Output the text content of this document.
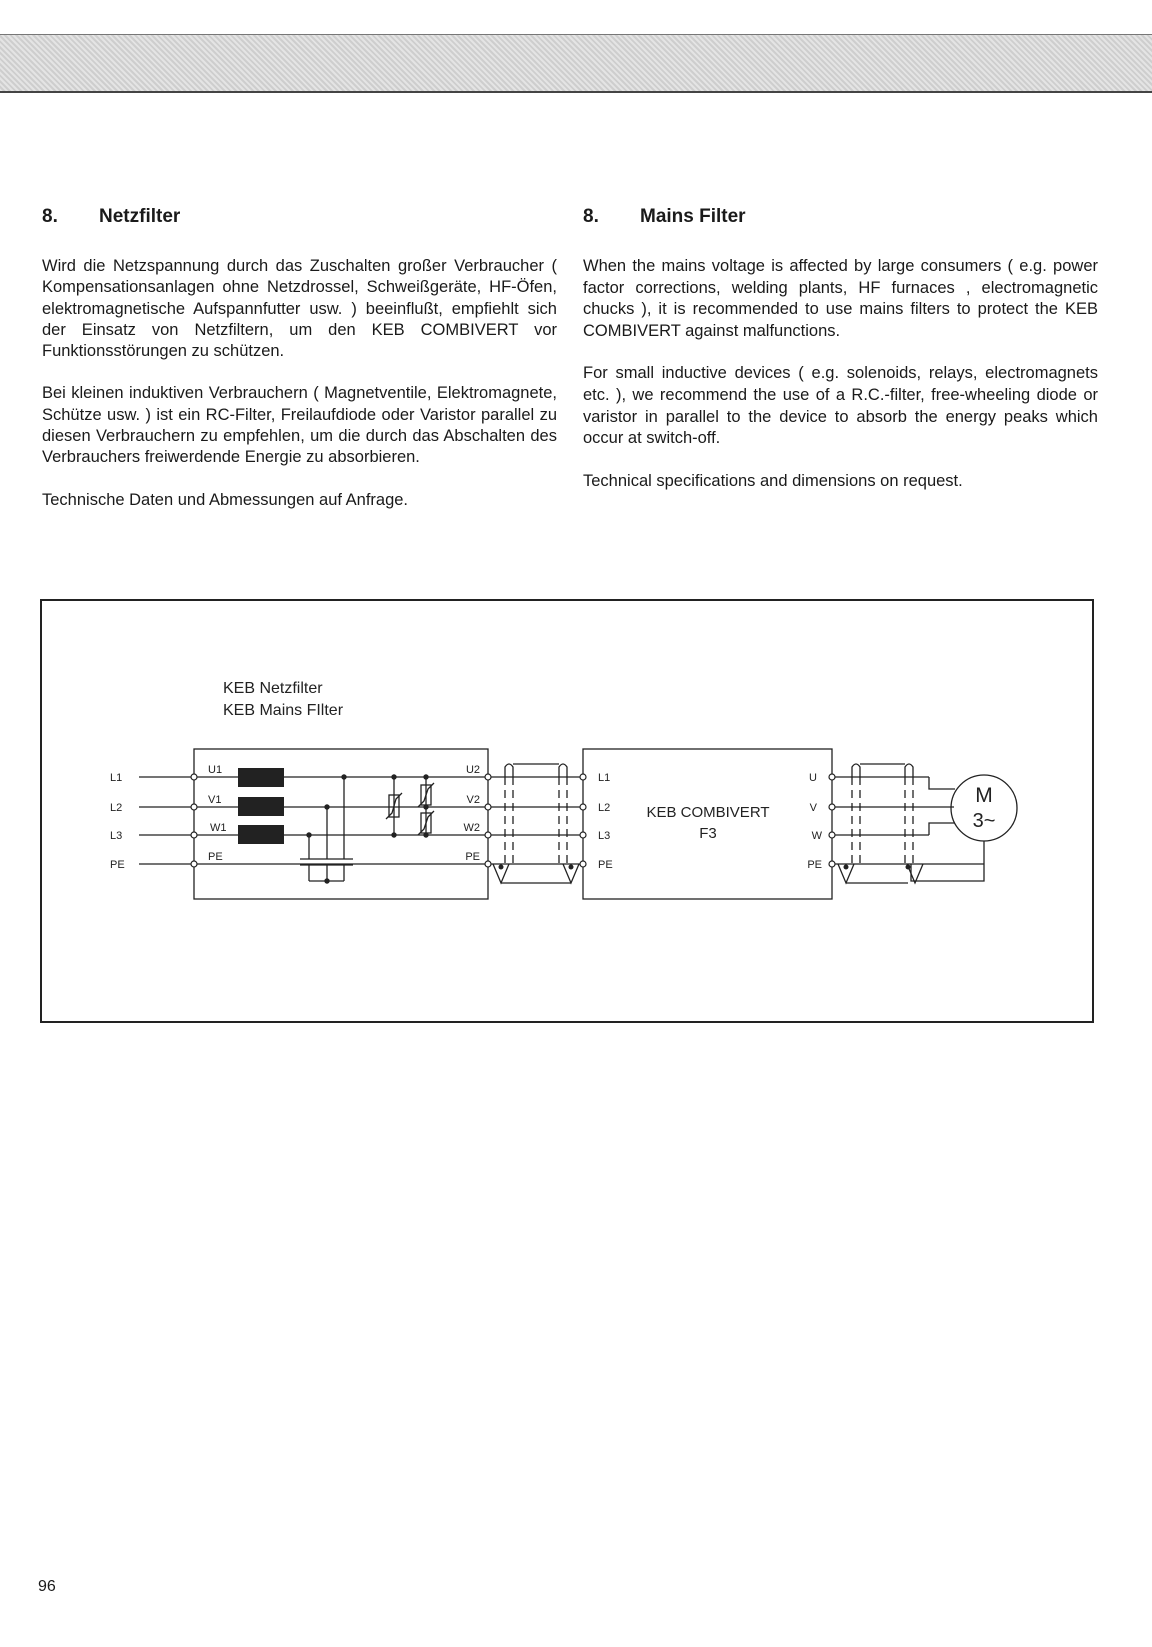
8. Netzfilter

Wird die Netzspannung durch das Zuschalten großer Verbraucher ( Kompensationsanlagen ohne Netzdrossel, Schweißgeräte, HF-Öfen, elektromagnetische Aufspannfutter usw. ) beeinflußt, empfiehlt sich der Einsatz von Netzfiltern, um den KEB COMBIVERT vor Funktionsstörungen zu schützen.

Bei kleinen induktiven Verbrauchern ( Magnetventile, Elektromagnete, Schütze usw. ) ist ein RC-Filter, Freilaufdiode oder Varistor parallel zu diesen Verbrauchern zu empfehlen, um die durch das Abschalten des Verbrauchers freiwerdende Energie zu absorbieren.

Technische Daten und Abmessungen auf Anfrage.

8. Mains Filter

When the mains voltage is affected by large consumers ( e.g. power factor corrections, welding plants, HF furnaces , electromagnetic chucks ), it is recommended to use mains filters to protect the KEB COMBIVERT against malfunctions.

For small inductive devices ( e.g. solenoids, relays, electromagnets etc. ), we recommend the use of a R.C.-filter, free-wheeling diode or varistor in parallel to the device to absorb the energy peaks which occur at switch-off.

Technical specifications and dimensions on request.

KEB Netzfilter
KEB Mains FIlter
L1
L2
L3
PE
U1
V1
W1
PE
U2
V2
W2
PE
L1
L2
L3
PE
KEB COMBIVERT
F3
U
V
W
PE
M
3~
96
